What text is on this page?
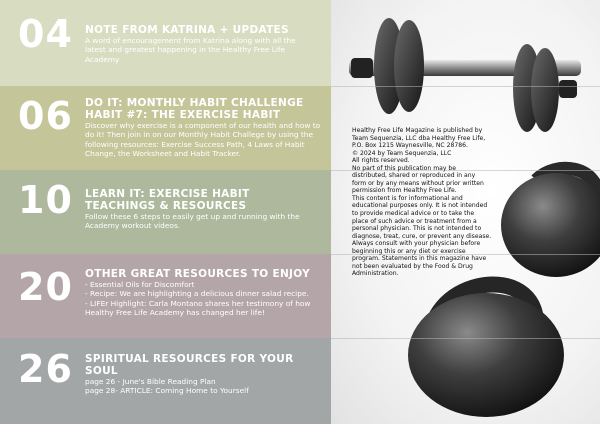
04 NOTE FROM KATRINA + UPDATES
A word of encouragement from Katrina along with all the
latest and greatest happening in the Healthy Free Life
Academy
06 DO IT: MONTHLY HABIT CHALLENGE
HABIT #7: THE EXERCISE HABIT
Discover why exercise is a component of our health and how to
do it! Then join in on our Monthly Habit Challege by using the
following resources: Exercise Success Path, 4 Laws of Habit
Change, the Worksheet and Habit Tracker.
10 LEARN IT: EXERCISE HABIT
TEACHINGS & RESOURCES
Follow these 6 steps to easily get up and running with the
Academy workout videos.
20 OTHER GREAT RESOURCES TO ENJOY
- Essential Oils for Discomfort
- Recipe: We are highlighting a delicious dinner salad recipe.
- LIFEr Highlight: Carla Montano shares her testimony of how
Healthy Free Life Academy has changed her life!
26 SPIRITUAL RESOURCES FOR YOUR SOUL
page 26 - June's Bible Reading Plan
page 28- ARTICLE: Coming Home to Yourself
Healthy Free Life Magazine is published by
Team Sequenzia, LLC dba Healthy Free Life,
P.O. Box 1215 Waynesville, NC 28786.
© 2024 by Team Sequenzia, LLC
All rights reserved.
No part of this publication may be
distributed, shared or reproduced in any
form or by any means without prior written
permission from Healthy Free Life.
This content is for informational and
educational purposes only. It is not intended
to provide medical advice or to take the
place of such advice or treatment from a
personal physician. This is not intended to
diagnose, treat, cure, or prevent any disease.
Always consult with your physician before
beginning this or any diet or exercise
program. Statements in this magazine have
not been evaluated by the Food & Drug
Administration.
